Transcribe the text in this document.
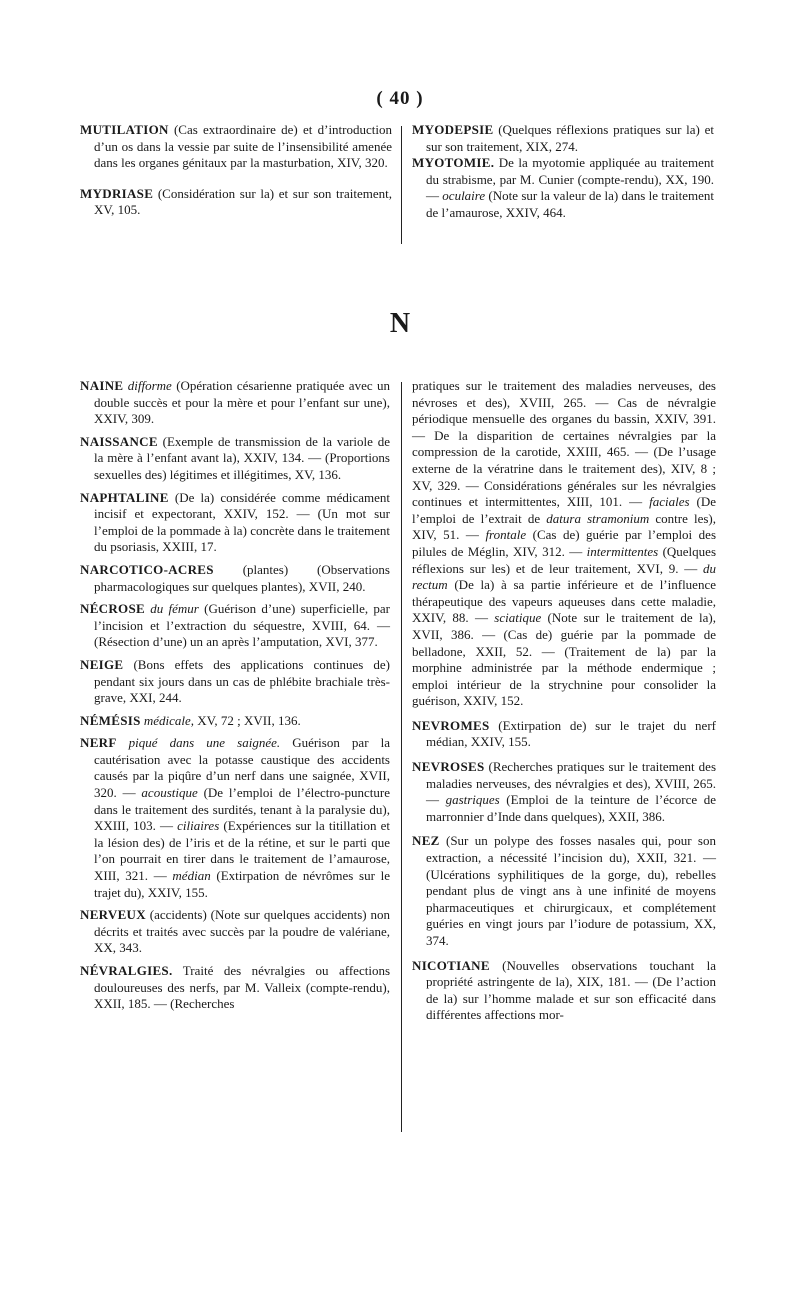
( 40 )

MUTILATION (Cas extraordinaire de) et d’introduction d’un os dans la vessie par suite de l’insensibilité amenée dans les organes génitaux par la masturbation, XIV, 320.

MYDRIASE (Considération sur la) et sur son traitement, XV, 105.

MYODEPSIE (Quelques réflexions pratiques sur la) et sur son traitement, XIX, 274.

MYOTOMIE. De la myotomie appliquée au traitement du strabisme, par M. Cunier (compte-rendu), XX, 190. — oculaire (Note sur la valeur de la) dans le traitement de l’amaurose, XXIV, 464.

N

NAINE difforme (Opération césarienne pratiquée avec un double succès et pour la mère et pour l’enfant sur une), XXIV, 309.

NAISSANCE (Exemple de transmission de la variole de la mère à l’enfant avant la), XXIV, 134. — (Proportions sexuelles des) légitimes et illégitimes, XV, 136.

NAPHTALINE (De la) considérée comme médicament incisif et expectorant, XXIV, 152. — (Un mot sur l’emploi de la pommade à la) concrète dans le traitement du psoriasis, XXIII, 17.

NARCOTICO-ACRES (plantes) (Observations pharmacologiques sur quelques plantes), XVII, 240.

NÉCROSE du fémur (Guérison d’une) superficielle, par l’incision et l’extraction du séquestre, XVIII, 64. — (Résection d’une) un an après l’amputation, XVI, 377.

NEIGE (Bons effets des applications continues de) pendant six jours dans un cas de phlébite brachiale très-grave, XXI, 244.

NÉMÉSIS médicale, XV, 72 ; XVII, 136.

NERF piqué dans une saignée. Guérison par la cautérisation avec la potasse caustique des accidents causés par la piqûre d’un nerf dans une saignée, XVII, 320. — acoustique (De l’emploi de l’électro-puncture dans le traitement des surdités, tenant à la paralysie du), XXIII, 103. — ciliaires (Expériences sur la titillation et la lésion des) de l’iris et de la rétine, et sur le parti que l’on pourrait en tirer dans le traitement de l’amaurose, XIII, 321. — médian (Extirpation de névrômes sur le trajet du), XXIV, 155.

NERVEUX (accidents) (Note sur quelques accidents) non décrits et traités avec succès par la poudre de valériane, XX, 343.

NÉVRALGIES. Traité des névralgies ou affections douloureuses des nerfs, par M. Valleix (compte-rendu), XXII, 185. — (Recherches

pratiques sur le traitement des maladies nerveuses, des névroses et des), XVIII, 265. — Cas de névralgie périodique mensuelle des organes du bassin, XXIV, 391. — De la disparition de certaines névralgies par la compression de la carotide, XXIII, 465. — (De l’usage externe de la vératrine dans le traitement des), XIV, 8 ; XV, 329. — Considérations générales sur les névralgies continues et intermittentes, XIII, 101. — faciales (De l’emploi de l’extrait de datura stramonium contre les), XIV, 51. — frontale (Cas de) guérie par l’emploi des pilules de Méglin, XIV, 312. — intermittentes (Quelques réflexions sur les) et de leur traitement, XVI, 9. — du rectum (De la) à sa partie inférieure et de l’influence thérapeutique des vapeurs aqueuses dans cette maladie, XXIV, 88. — sciatique (Note sur le traitement de la), XVII, 386. — (Cas de) guérie par la pommade de belladone, XXII, 52. — (Traitement de la) par la morphine administrée par la méthode endermique ; emploi intérieur de la strychnine pour consolider la guérison, XXIV, 152.

NEVROMES (Extirpation de) sur le trajet du nerf médian, XXIV, 155.

NEVROSES (Recherches pratiques sur le traitement des maladies nerveuses, des névralgies et des), XVIII, 265. — gastriques (Emploi de la teinture de l’écorce de marronnier d’Inde dans quelques), XXII, 386.

NEZ (Sur un polype des fosses nasales qui, pour son extraction, a nécessité l’incision du), XXII, 321. — (Ulcérations syphilitiques de la gorge, du), rebelles pendant plus de vingt ans à une infinité de moyens pharmaceutiques et chirurgicaux, et complétement guéries en vingt jours par l’iodure de potassium, XX, 374.

NICOTIANE (Nouvelles observations touchant la propriété astringente de la), XIX, 181. — (De l’action de la) sur l’homme malade et sur son efficacité dans différentes affections mor-
